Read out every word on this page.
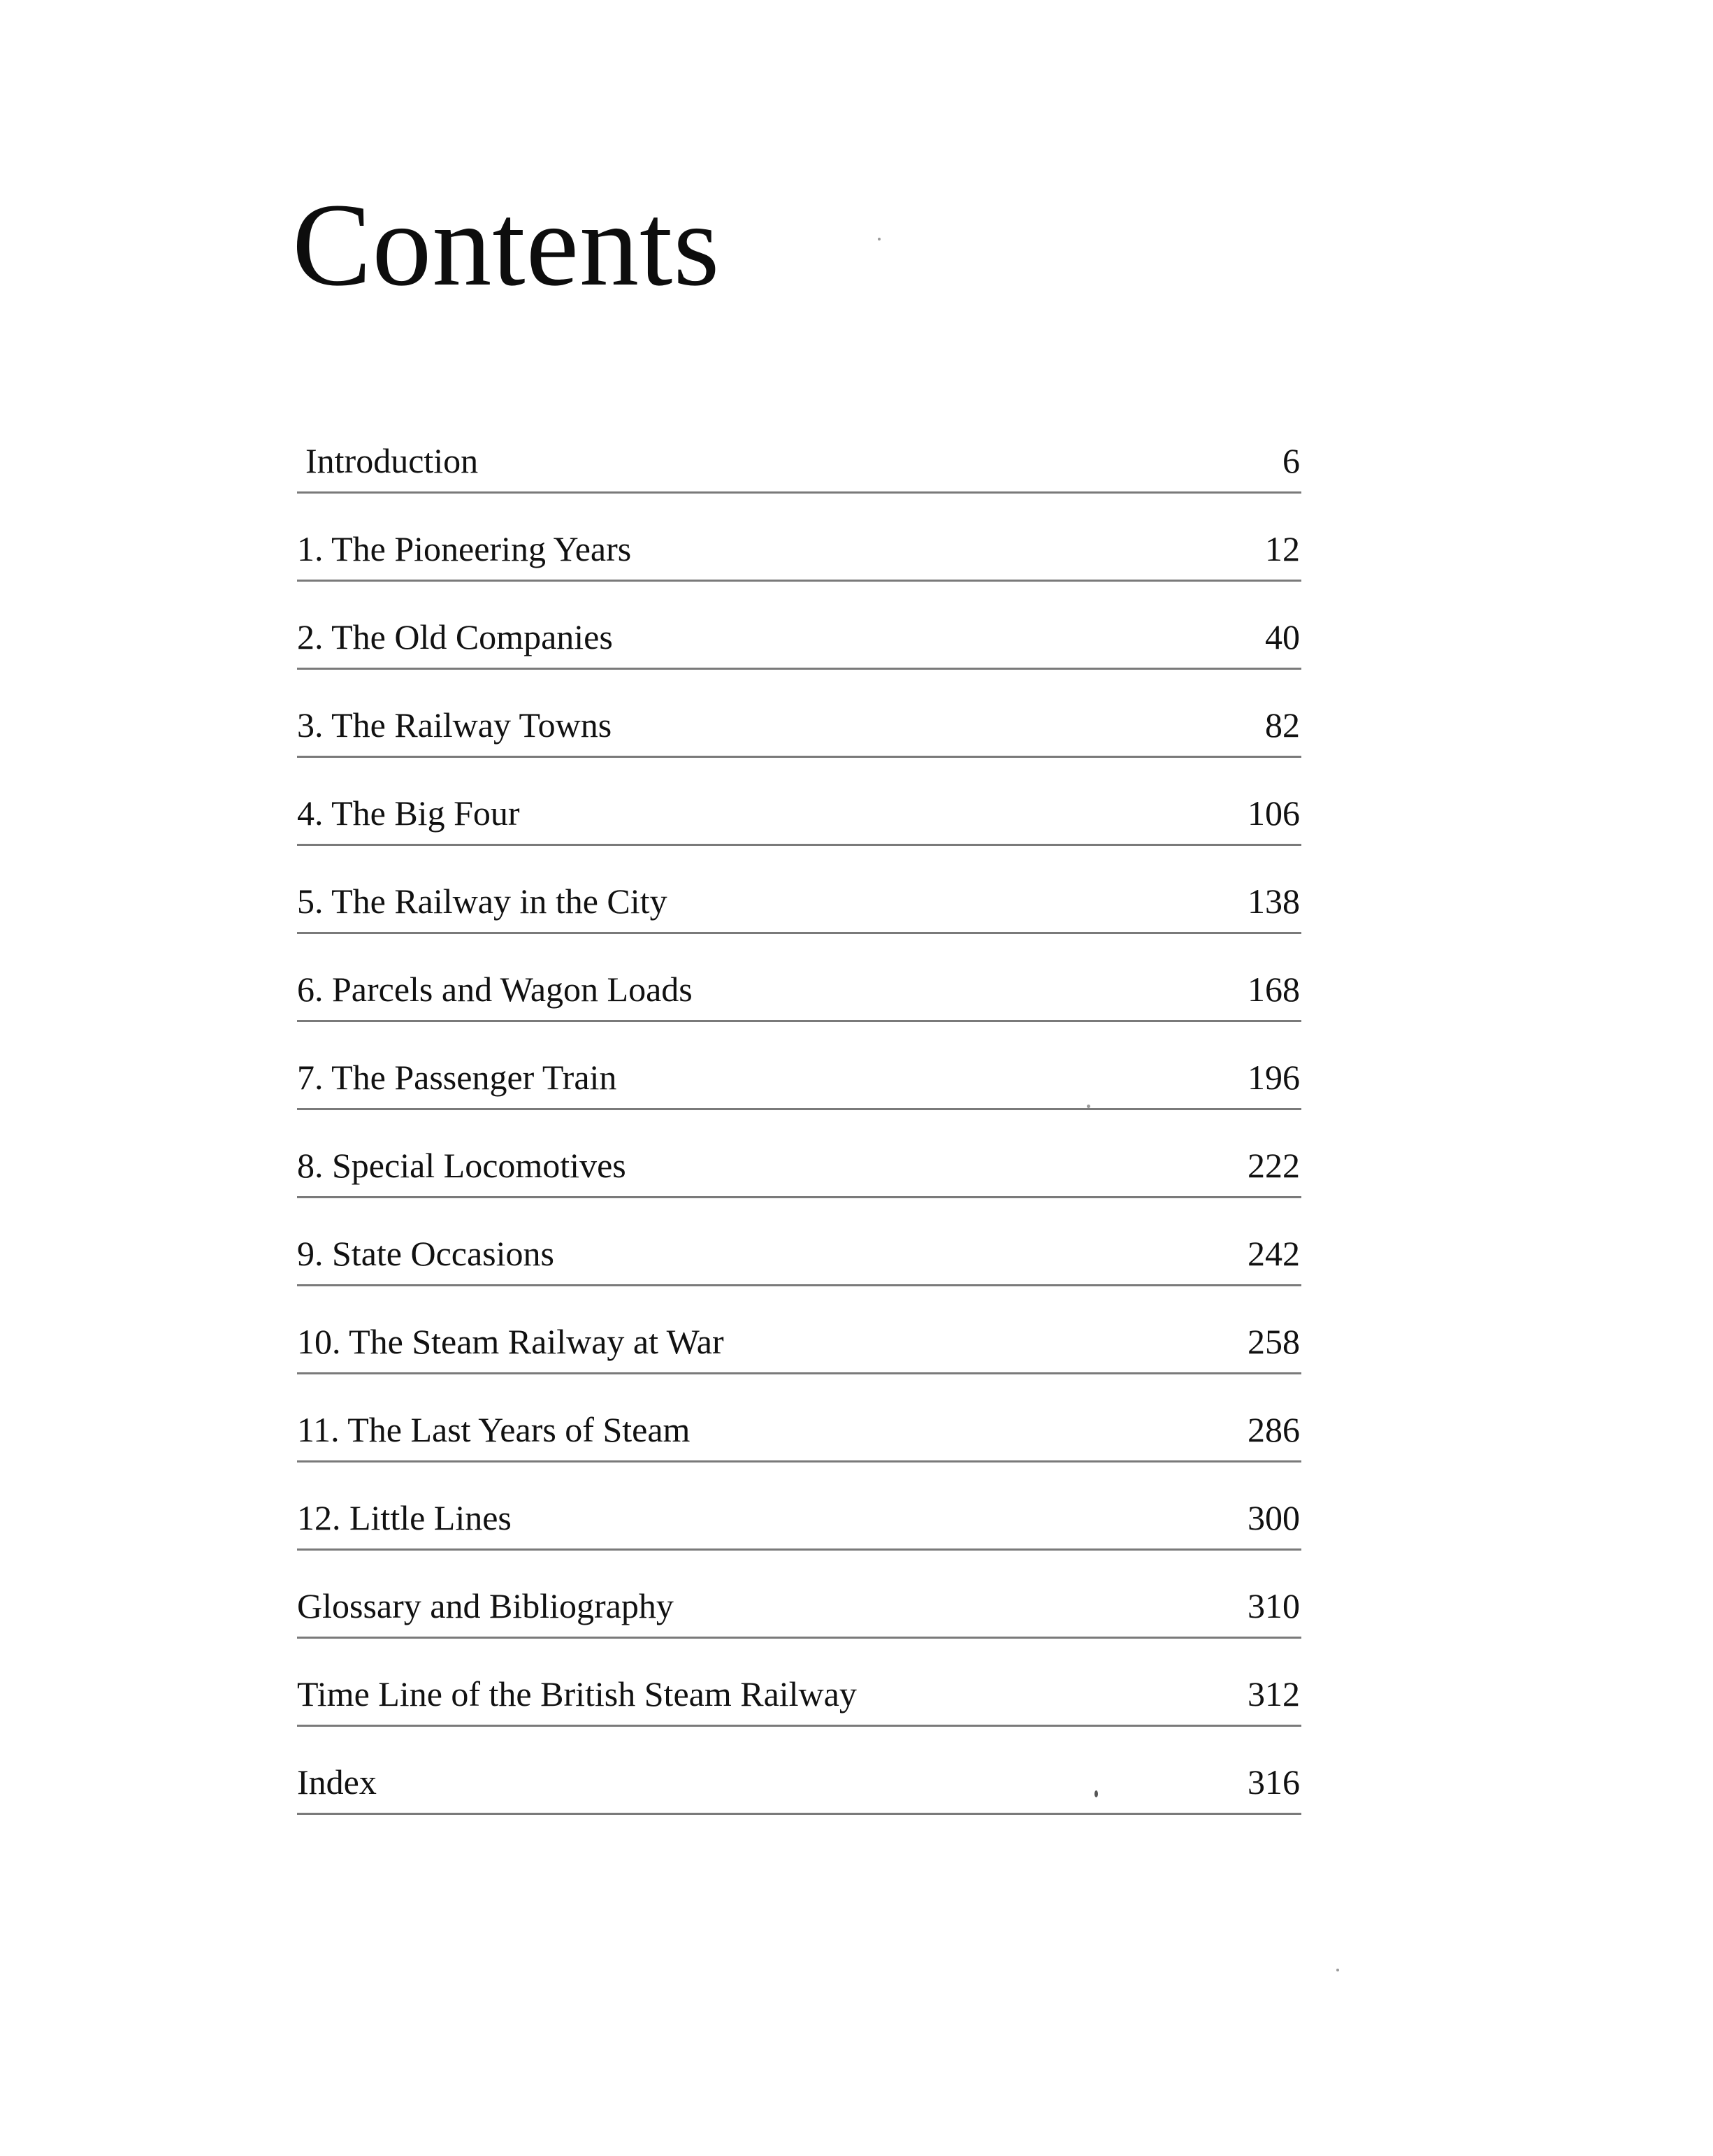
Contents
Introduction	6
1. The Pioneering Years	12
2. The Old Companies	40
3. The Railway Towns	82
4. The Big Four	106
5. The Railway in the City	138
6. Parcels and Wagon Loads	168
7. The Passenger Train	196
8. Special Locomotives	222
9. State Occasions	242
10. The Steam Railway at War	258
11. The Last Years of Steam	286
12. Little Lines	300
Glossary and Bibliography	310
Time Line of the British Steam Railway	312
Index	316
